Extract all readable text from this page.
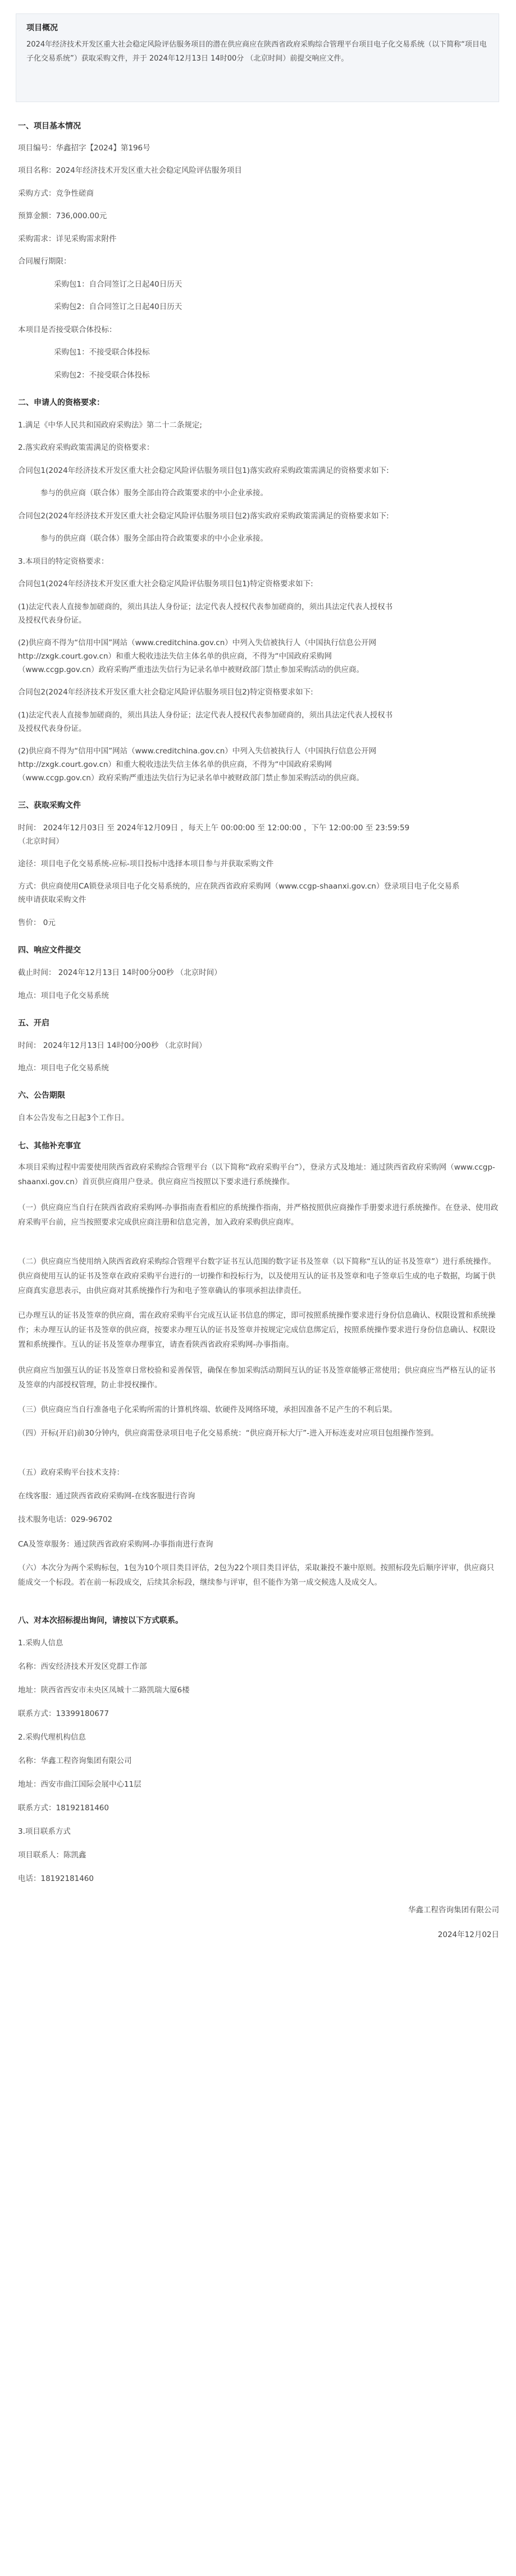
项目概况

2024年经济技术开发区重大社会稳定风险评估服务项目的潜在供应商应在陕西省政府采购综合管理平台项目电子化交易系统（以下简称“项目电子化交易系统”）获取采购文件，并于 2024年12月13日 14时00分 （北京时间）前提交响应文件。

一、项目基本情况

项目编号：华鑫招字【2024】第196号

项目名称：2024年经济技术开发区重大社会稳定风险评估服务项目

采购方式：竞争性磋商

预算金额：736,000.00元

采购需求：详见采购需求附件

合同履行期限：

采购包1：自合同签订之日起40日历天

采购包2：自合同签订之日起40日历天

本项目是否接受联合体投标：

采购包1：不接受联合体投标

采购包2：不接受联合体投标

二、申请人的资格要求：

1.满足《中华人民共和国政府采购法》第二十二条规定;

2.落实政府采购政策需满足的资格要求：

合同包1(2024年经济技术开发区重大社会稳定风险评估服务项目包1)落实政府采购政策需满足的资格要求如下:

参与的供应商（联合体）服务全部由符合政策要求的中小企业承接。

合同包2(2024年经济技术开发区重大社会稳定风险评估服务项目包2)落实政府采购政策需满足的资格要求如下:

参与的供应商（联合体）服务全部由符合政策要求的中小企业承接。

3.本项目的特定资格要求：

合同包1(2024年经济技术开发区重大社会稳定风险评估服务项目包1)特定资格要求如下:

(1)法定代表人直接参加磋商的，须出具法人身份证；法定代表人授权代表参加磋商的，须出具法定代表人授权书

及授权代表身份证。

(2)供应商不得为“信用中国”网站（www.creditchina.gov.cn）中列入失信被执行人（中国执行信息公开网

http://zxgk.court.gov.cn）和重大税收违法失信主体名单的供应商，不得为“中国政府采购网

（www.ccgp.gov.cn）政府采购严重违法失信行为记录名单中被财政部门禁止参加采购活动的供应商。

合同包2(2024年经济技术开发区重大社会稳定风险评估服务项目包2)特定资格要求如下:

(1)法定代表人直接参加磋商的，须出具法人身份证；法定代表人授权代表参加磋商的，须出具法定代表人授权书

及授权代表身份证。

(2)供应商不得为“信用中国”网站（www.creditchina.gov.cn）中列入失信被执行人（中国执行信息公开网

http://zxgk.court.gov.cn）和重大税收违法失信主体名单的供应商，不得为“中国政府采购网

（www.ccgp.gov.cn）政府采购严重违法失信行为记录名单中被财政部门禁止参加采购活动的供应商。

三、获取采购文件

时间： 2024年12月03日 至 2024年12月09日 ，每天上午 00:00:00 至 12:00:00 ，下午 12:00:00 至 23:59:59

（北京时间）

途径：项目电子化交易系统-应标-项目投标中选择本项目参与并获取采购文件

方式：供应商使用CA锁登录项目电子化交易系统的，应在陕西省政府采购网（www.ccgp-shaanxi.gov.cn）登录项目电子化交易系

统申请获取采购文件

售价： 0元

四、响应文件提交

截止时间： 2024年12月13日 14时00分00秒 （北京时间）

地点：项目电子化交易系统

五、开启

时间： 2024年12月13日 14时00分00秒 （北京时间）

地点：项目电子化交易系统

六、公告期限

自本公告发布之日起3个工作日。

七、其他补充事宜

本项目采购过程中需要使用陕西省政府采购综合管理平台（以下简称“政府采购平台”），登录方式及地址：通过陕西省政府采购网（www.ccgp-shaanxi.gov.cn）首页供应商用户登录。供应商应当按照以下要求进行系统操作。

（一）供应商应当自行在陕西省政府采购网-办事指南查看相应的系统操作指南，并严格按照供应商操作手册要求进行系统操作。在登录、使用政府采购平台前，应当按照要求完成供应商注册和信息完善，加入政府采购供应商库。

（二）供应商应当使用纳入陕西省政府采购综合管理平台数字证书互认范围的数字证书及签章（以下简称“互认的证书及签章”）进行系统操作。供应商使用互认的证书及签章在政府采购平台进行的一切操作和投标行为，以及使用互认的证书及签章和电子签章后生成的电子数据，均属于供应商真实意思表示，由供应商对其系统操作行为和电子签章确认的事项承担法律责任。

已办理互认的证书及签章的供应商，需在政府采购平台完成互认证书信息的绑定，即可按照系统操作要求进行身份信息确认、权限设置和系统操作；未办理互认的证书及签章的供应商，按要求办理互认的证书及签章并按规定完成信息绑定后，按照系统操作要求进行身份信息确认、权限设置和系统操作。互认的证书及签章办理事宜，请查看陕西省政府采购网-办事指南。

供应商应当加强互认的证书及签章日常校验和妥善保管，确保在参加采购活动期间互认的证书及签章能够正常使用；供应商应当严格互认的证书及签章的内部授权管理，防止非授权操作。

（三）供应商应当自行准备电子化采购所需的计算机终端、软硬件及网络环境，承担因准备不足产生的不利后果。

（四）开标(开启)前30分钟内，供应商需登录项目电子化交易系统：“供应商开标大厅”-进入开标连麦对应项目包组操作签到。

（五）政府采购平台技术支持：

在线客服：通过陕西省政府采购网-在线客服进行咨询

技术服务电话：029-96702

CA及签章服务：通过陕西省政府采购网-办事指南进行查询

（六）本次分为两个采购标包，1包为10个项目类目评估，2包为22个项目类目评估，采取兼投不兼中原则。按照标段先后顺序评审，供应商只能成交一个标段。若在前一标段成交，后续其余标段，继续参与评审，但不能作为第一成交候选人及成交人。

八、对本次招标提出询问，请按以下方式联系。

1.采购人信息

名称：西安经济技术开发区党群工作部

地址：陕西省西安市未央区凤城十二路凯瑞大厦6楼

联系方式：13399180677

2.采购代理机构信息

名称：华鑫工程咨询集团有限公司

地址：西安市曲江国际会展中心11层

联系方式：18192181460

3.项目联系方式

项目联系人：陈凯鑫

电话：18192181460

华鑫工程咨询集团有限公司

2024年12月02日
